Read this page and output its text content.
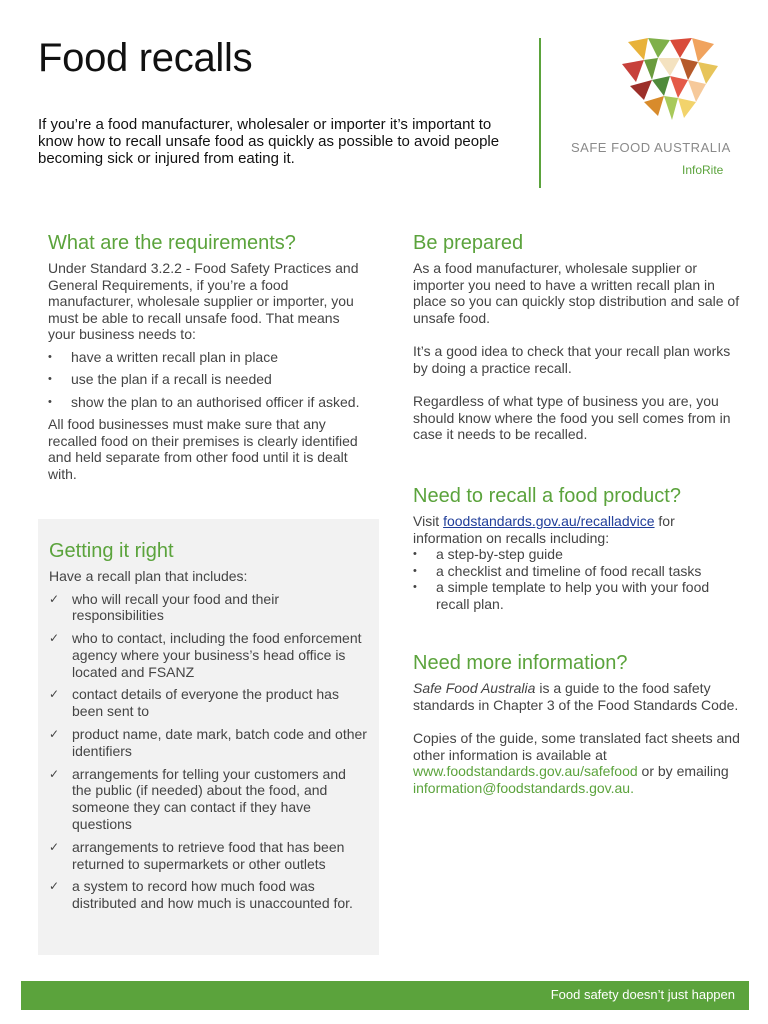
Food recalls

If you’re a food manufacturer, wholesaler or importer it’s important to know how to recall unsafe food as quickly as possible to avoid people becoming sick or injured from eating it.

SAFE FOOD AUSTRALIA
InfoRite
What are the requirements?

Under Standard 3.2.2 - Food Safety Practices and General Requirements, if you’re a food manufacturer, wholesale supplier or importer, you must be able to recall unsafe food. That means your business needs to:

• have a written recall plan in place
• use the plan if a recall is needed
• show the plan to an authorised officer if asked.

All food businesses must make sure that any recalled food on their premises is clearly identified and held separate from other food until it is dealt with.

Getting it right

Have a recall plan that includes:

✓ who will recall your food and their responsibilities
✓ who to contact, including the food enforcement agency where your business’s head office is located and FSANZ
✓ contact details of everyone the product has been sent to
✓ product name, date mark, batch code and other identifiers
✓ arrangements for telling your customers and the public (if needed) about the food, and someone they can contact if they have questions
✓ arrangements to retrieve food that has been returned to supermarkets or other outlets
✓ a system to record how much food was distributed and how much is unaccounted for.
Be prepared

As a food manufacturer, wholesale supplier or importer you need to have a written recall plan in place so you can quickly stop distribution and sale of unsafe food.

It’s a good idea to check that your recall plan works by doing a practice recall.

Regardless of what type of business you are, you should know where the food you sell comes from in case it needs to be recalled.

Need to recall a food product?

Visit foodstandards.gov.au/recalladvice for information on recalls including:

• a step-by-step guide
• a checklist and timeline of food recall tasks
• a simple template to help you with your food recall plan.
Need more information?

Safe Food Australia is a guide to the food safety standards in Chapter 3 of the Food Standards Code.

Copies of the guide, some translated fact sheets and other information is available at www.foodstandards.gov.au/safefood or by emailing information@foodstandards.gov.au.

Food safety doesn’t just happen
